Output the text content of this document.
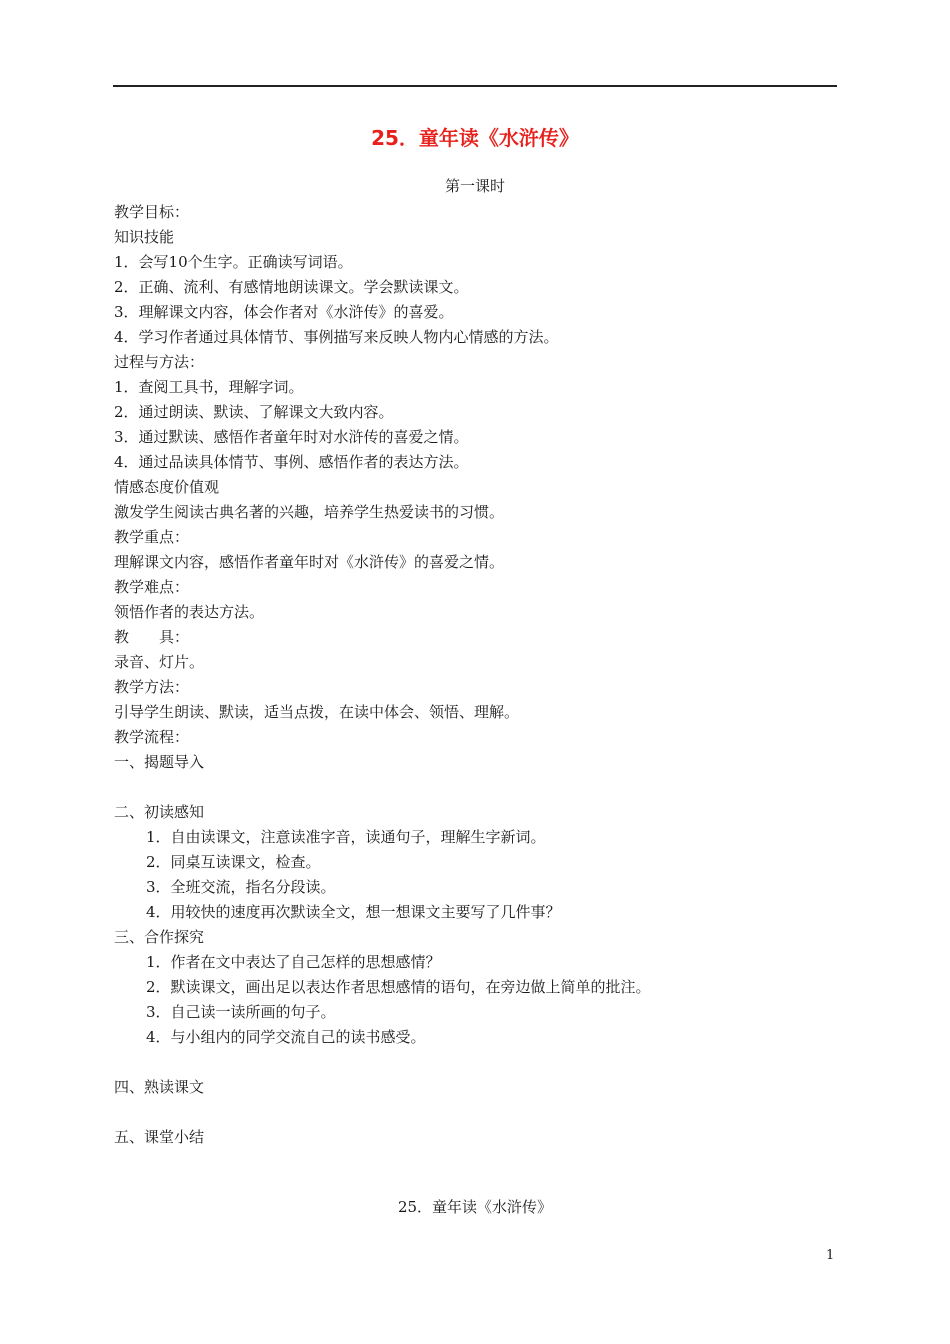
25．童年读《水浒传》
第一课时
教学目标：
知识技能
1．会写10个生字。正确读写词语。
2．正确、流利、有感情地朗读课文。学会默读课文。
3．理解课文内容，体会作者对《水浒传》的喜爱。
4．学习作者通过具体情节、事例描写来反映人物内心情感的方法。
过程与方法：
1．查阅工具书，理解字词。
2．通过朗读、默读、了解课文大致内容。
3．通过默读、感悟作者童年时对水浒传的喜爱之情。
4．通过品读具体情节、事例、感悟作者的表达方法。
情感态度价值观
激发学生阅读古典名著的兴趣，培养学生热爱读书的习惯。
教学重点：
理解课文内容，感悟作者童年时对《水浒传》的喜爱之情。
教学难点：
领悟作者的表达方法。
教　　具：
录音、灯片。
教学方法：
引导学生朗读、默读，适当点拨，在读中体会、领悟、理解。
教学流程：
一、揭题导入
二、初读感知
1．自由读课文，注意读准字音，读通句子，理解生字新词。
2．同桌互读课文，检查。
3．全班交流，指名分段读。
4．用较快的速度再次默读全文，想一想课文主要写了几件事？
三、合作探究
1．作者在文中表达了自己怎样的思想感情？
2．默读课文，画出足以表达作者思想感情的语句，在旁边做上简单的批注。
3．自己读一读所画的句子。
4．与小组内的同学交流自己的读书感受。
四、熟读课文
五、课堂小结
25．童年读《水浒传》
1
